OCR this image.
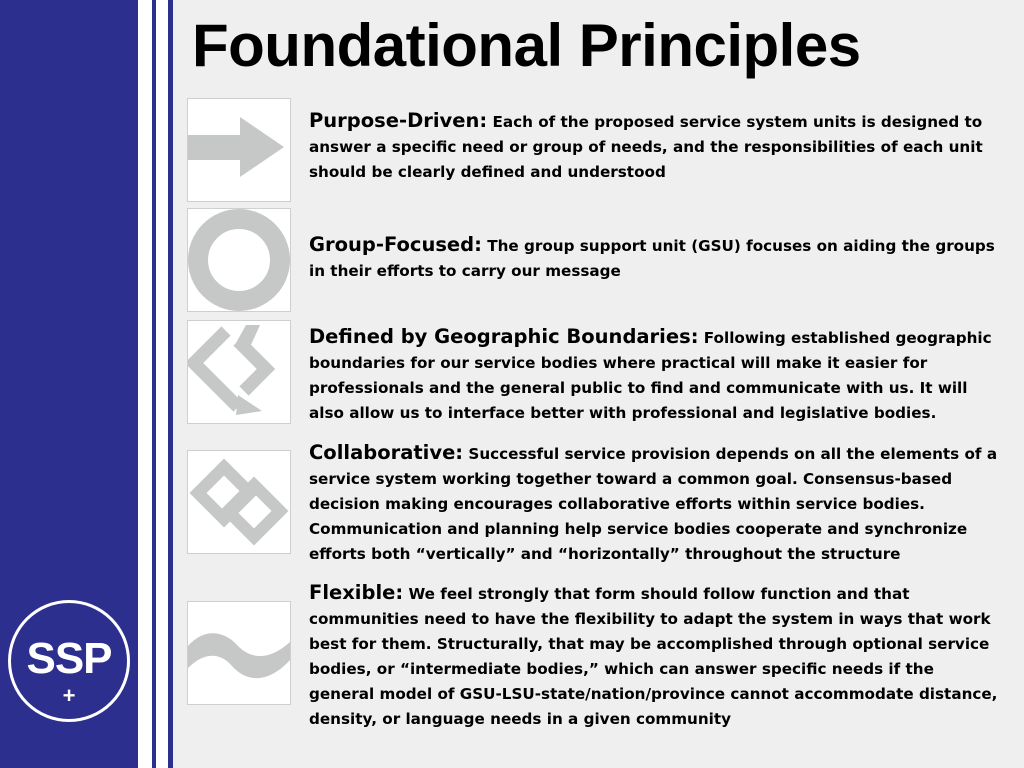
SSP
+
Foundational Principles
Purpose-Driven: Each of the proposed service system units is designed to answer a specific need or group of needs, and the responsibilities of each unit should be clearly defined and understood
Group-Focused: The group support unit (GSU) focuses on aiding the groups in their efforts to carry our message
Defined by Geographic Boundaries: Following established geographic boundaries for our service bodies where practical will make it easier for professionals and the general public to find and communicate with us. It will also allow us to interface better with professional and legislative bodies.
Collaborative: Successful service provision depends on all the elements of a service system working together toward a common goal. Consensus-based decision making encourages collaborative efforts within service bodies. Communication and planning help service bodies cooperate and synchronize efforts both “vertically” and “horizontally” throughout the structure
Flexible: We feel strongly that form should follow function and that communities need to have the flexibility to adapt the system in ways that work best for them. Structurally, that may be accomplished through optional service bodies, or “intermediate bodies,” which can answer specific needs if the general model of GSU-LSU-state/nation/province cannot accommodate distance, density, or language needs in a given community
